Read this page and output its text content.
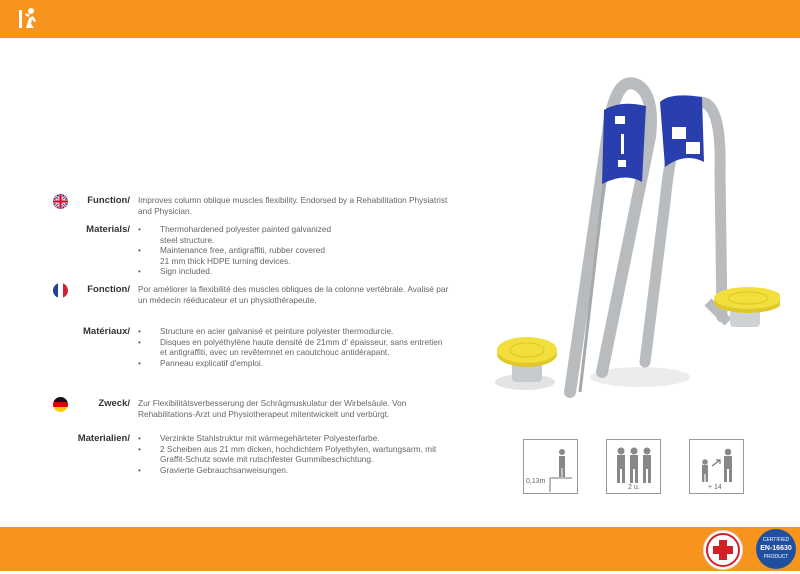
Function/ Improves column oblique muscles flexibility. Endorsed by a Rehabilitation Physiatrist and Physician.
Materials/	• Thermohardened polyester painted galvanized steel structure.
• Maintenance free, antigraffiti, rubber covered 21 mm thick HDPE turning devices.
• Sign included.
Fonction/ Por améliorer la flexibilité des muscles obliques de la colonne vertébrale. Avalisé par un médecin rééducateur et un physiothérapeute.
Matériaux/	• Structure en acier galvanisé et peinture polyester thermodurcie.
• Disques en polyéthylène haute densité de 21mm d' épaisseur, sans entretien et antigraffiti, avec un revêtemnet en caoutchouc antidérapant.
• Panneau explicatif d'emploi.
Zweck/ Zur Flexibilitätsverbesserung der Schrägmuskulatur der Wirbelsäule. Von Rehabilitations-Arzt und Physiotherapeut mitentwickelt und verbürgt.
Materialien/	• Verzinkte Stahlstruktur mit wärmegehärteter Polyesterfarbe.
• 2 Scheiben aus 21 mm dicken, hochdichtem Polyethylen, wartungsarm, mit Graffit-Schutz sowie mit rutschfester Gummibeschichtung.
• Gravierte Gebrauchsanweisungen.
0,13m
2 u.	+ 14
CERTIFIED
EN-16630
PRODUCT
